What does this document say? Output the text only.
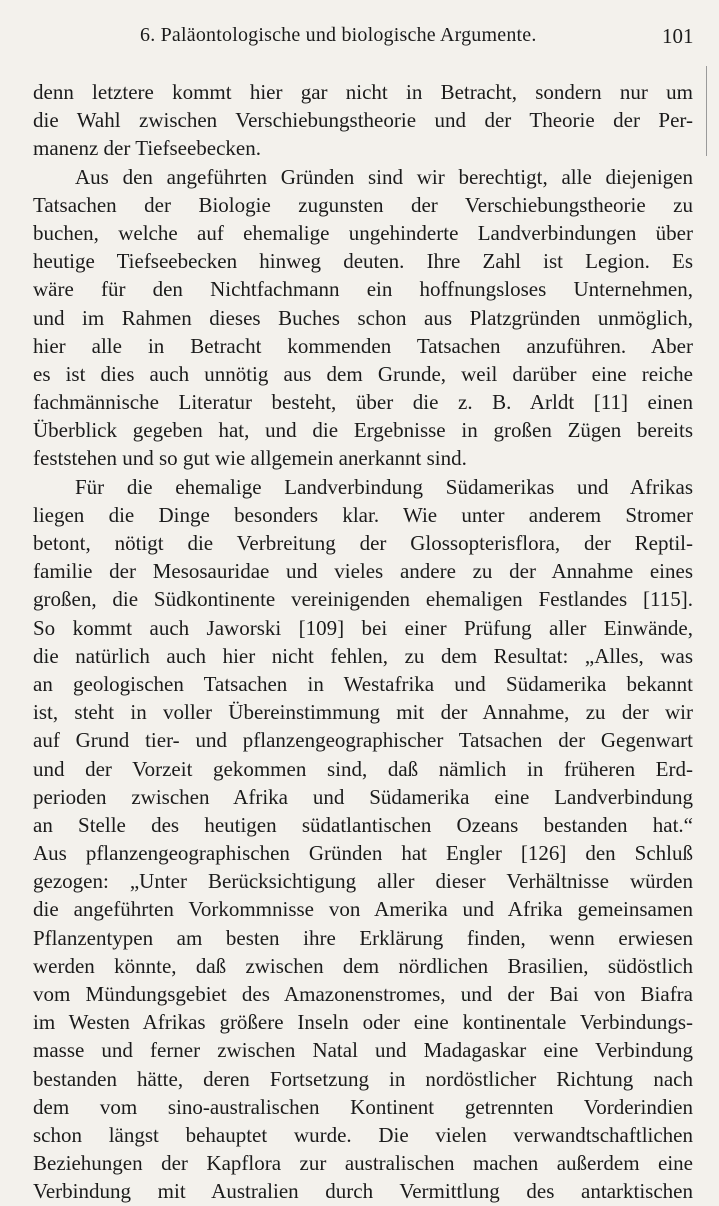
6. Paläontologische und biologische Argumente.	101
denn letztere kommt hier gar nicht in Betracht, sondern nur um
die Wahl zwischen Verschiebungstheorie und der Theorie der Per-
manenz der Tiefseebecken.
Aus den angeführten Gründen sind wir berechtigt, alle diejenigen
Tatsachen der Biologie zugunsten der Verschiebungstheorie zu
buchen, welche auf ehemalige ungehinderte Landverbindungen über
heutige Tiefseebecken hinweg deuten. Ihre Zahl ist Legion. Es
wäre für den Nichtfachmann ein hoffnungsloses Unternehmen,
und im Rahmen dieses Buches schon aus Platzgründen unmöglich,
hier alle in Betracht kommenden Tatsachen anzuführen. Aber
es ist dies auch unnötig aus dem Grunde, weil darüber eine reiche
fachmännische Literatur besteht, über die z. B. Arldt [11] einen
Überblick gegeben hat, und die Ergebnisse in großen Zügen bereits
feststehen und so gut wie allgemein anerkannt sind.
Für die ehemalige Landverbindung Südamerikas und Afrikas
liegen die Dinge besonders klar. Wie unter anderem Stromer
betont, nötigt die Verbreitung der Glossopterisflora, der Reptil-
familie der Mesosauridae und vieles andere zu der Annahme eines
großen, die Südkontinente vereinigenden ehemaligen Festlandes [115].
So kommt auch Jaworski [109] bei einer Prüfung aller Einwände,
die natürlich auch hier nicht fehlen, zu dem Resultat: „Alles, was
an geologischen Tatsachen in Westafrika und Südamerika bekannt
ist, steht in voller Übereinstimmung mit der Annahme, zu der wir
auf Grund tier- und pflanzengeographischer Tatsachen der Gegenwart
und der Vorzeit gekommen sind, daß nämlich in früheren Erd-
perioden zwischen Afrika und Südamerika eine Landverbindung
an Stelle des heutigen südatlantischen Ozeans bestanden hat.“
Aus pflanzengeographischen Gründen hat Engler [126] den Schluß
gezogen: „Unter Berücksichtigung aller dieser Verhältnisse würden
die angeführten Vorkommnisse von Amerika und Afrika gemeinsamen
Pflanzentypen am besten ihre Erklärung finden, wenn erwiesen
werden könnte, daß zwischen dem nördlichen Brasilien, südöstlich
vom Mündungsgebiet des Amazonenstromes, und der Bai von Biafra
im Westen Afrikas größere Inseln oder eine kontinentale Verbindungs-
masse und ferner zwischen Natal und Madagaskar eine Verbindung
bestanden hätte, deren Fortsetzung in nordöstlicher Richtung nach
dem vom sino-australischen Kontinent getrennten Vorderindien
schon längst behauptet wurde. Die vielen verwandtschaftlichen
Beziehungen der Kapflora zur australischen machen außerdem eine
Verbindung mit Australien durch Vermittlung des antarktischen
